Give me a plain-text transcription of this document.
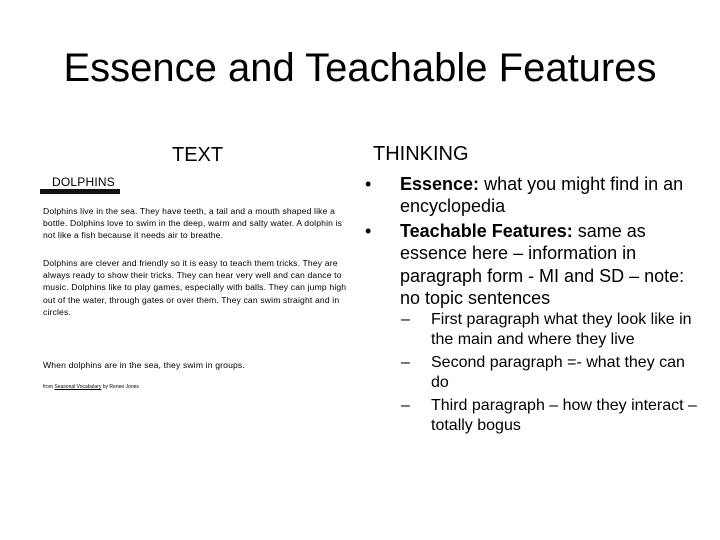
Essence and Teachable Features
TEXT
DOLPHINS
Dolphins live in the sea. They have teeth, a tail and a mouth shaped like a bottle. Dolphins love to swim in the deep, warm and salty water. A dolphin is not like a fish because it needs air to breathe.
Dolphins are clever and friendly so it is easy to teach them tricks. They are always ready to show their tricks. They can hear very well and can dance to music. Dolphins like to play games, especially with balls. They can jump high out of the water, through gates or over them. They can swim straight and in circles.
When dolphins are in the sea, they swim in groups.
from Seasonal Vocabulary by Renee Jones
THINKING
• Essence: what you might find in an encyclopedia
• Teachable Features: same as essence here – information in paragraph form - MI and SD – note: no topic sentences
– First paragraph what they look like in the main and where they live
– Second paragraph =- what they can do
– Third paragraph – how they interact – totally bogus
